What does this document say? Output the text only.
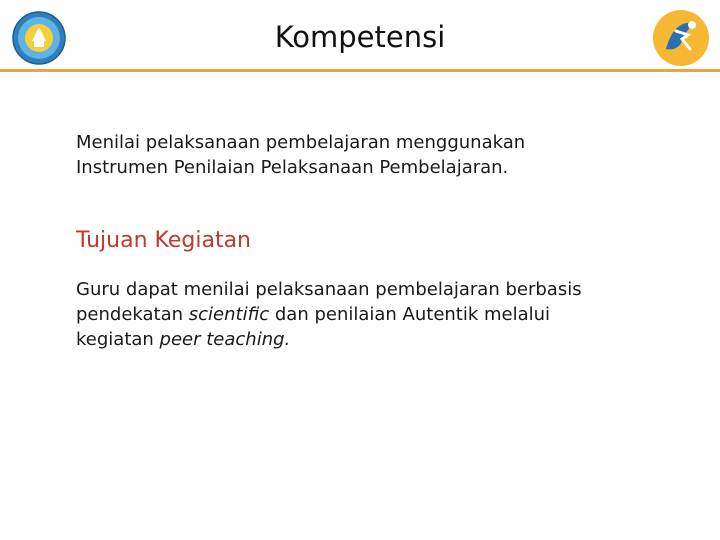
Kompetensi

Menilai pelaksanaan pembelajaran menggunakan
Instrumen Penilaian Pelaksanaan Pembelajaran.

Tujuan Kegiatan

Guru dapat menilai pelaksanaan pembelajaran berbasis
pendekatan scientific dan penilaian Autentik melalui
kegiatan peer teaching.
